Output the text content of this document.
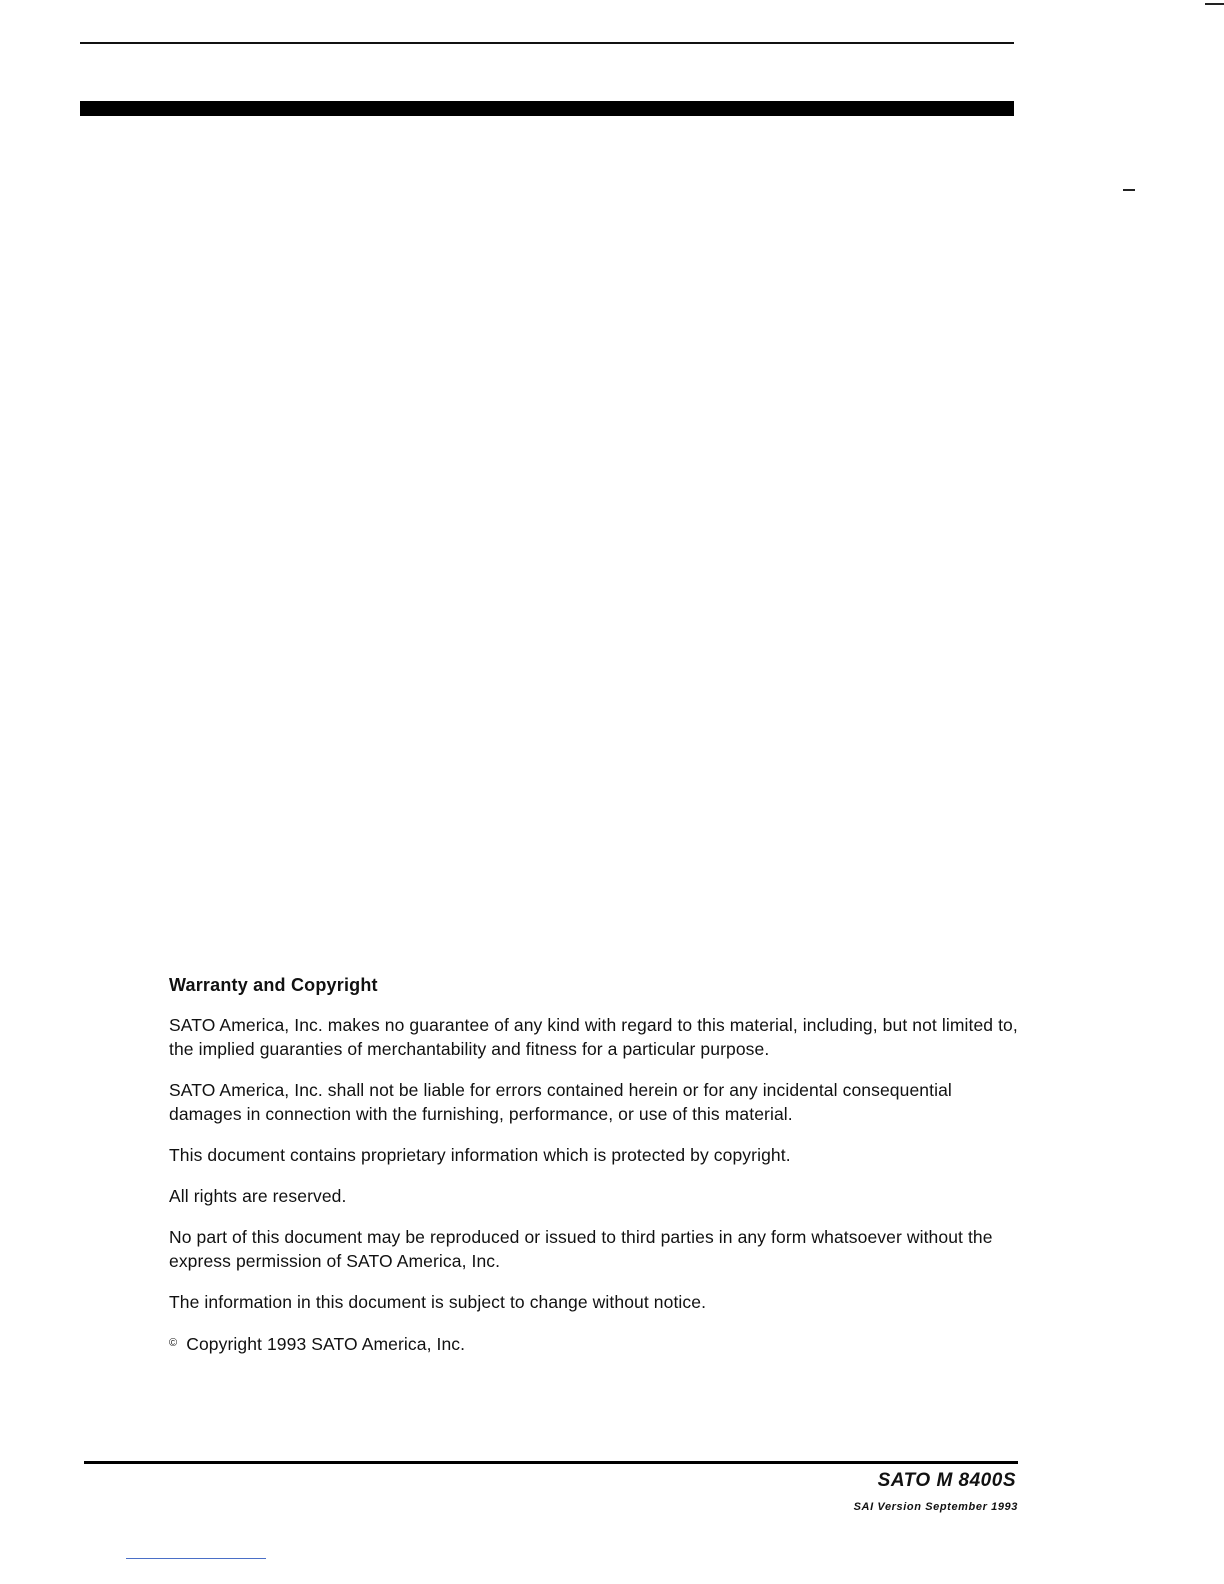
Warranty and Copyright

SATO America, Inc. makes no guarantee of any kind with regard to this material, including, but not limited to, the implied guaranties of merchantability and fitness for a particular purpose.

SATO America, Inc. shall not be liable for errors contained herein or for any incidental consequential damages in connection with the furnishing, performance, or use of this material.

This document contains proprietary information which is protected by copyright.

All rights are reserved.

No part of this document may be reproduced or issued to third parties in any form whatsoever without the express permission of SATO America, Inc.

The information in this document is subject to change without notice.

© Copyright 1993 SATO America, Inc.

SATO M 8400S
SAI Version September 1993
